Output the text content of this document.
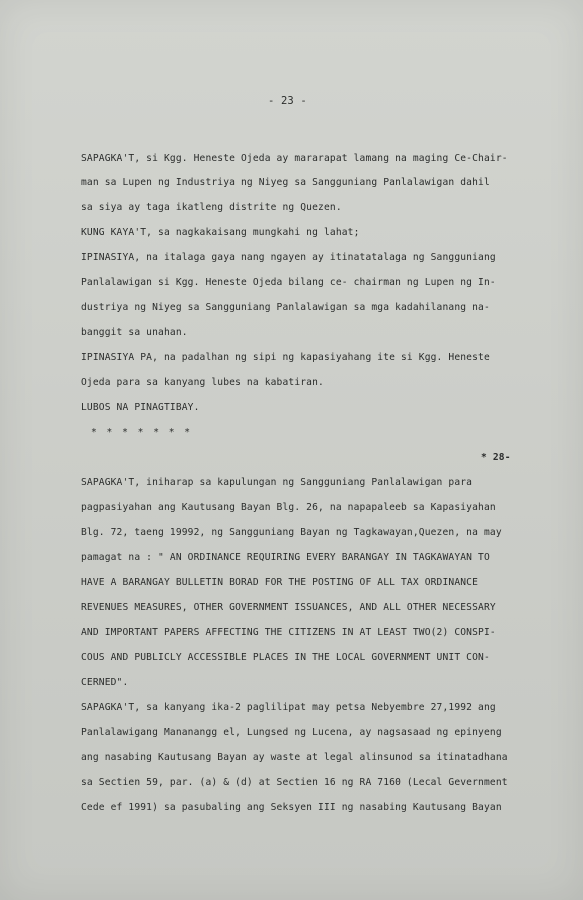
- 23 -
SAPAGKA'T, si Kgg. Heneste Ojeda ay mararapat lamang na maging Ce-Chair-
man sa Lupen ng Industriya ng Niyeg sa Sangguniang Panlalawigan dahil
sa siya ay taga ikatleng distrite ng Quezen.
KUNG KAYA'T, sa nagkakaisang mungkahi ng lahat;
IPINASIYA, na italaga gaya nang ngayen ay itinatatalaga ng Sangguniang
Panlalawigan si Kgg. Heneste Ojeda bilang ce- chairman ng Lupen ng In-
dustriya ng Niyeg sa Sangguniang Panlalawigan sa mga kadahilanang na-
banggit sa unahan.
IPINASIYA PA, na padalhan ng sipi ng kapasiyahang ite si Kgg. Heneste
Ojeda para sa kanyang lubes na kabatiran.
LUBOS NA PINAGTIBAY.
* * * * * * *
* 28-
SAPAGKA'T, iniharap sa kapulungan ng Sangguniang Panlalawigan para
pagpasiyahan ang Kautusang Bayan Blg. 26, na napapaleeb sa Kapasiyahan
Blg. 72, taeng 19992, ng Sangguniang Bayan ng Tagkawayan,Quezen, na may
pamagat na : " AN ORDINANCE REQUIRING EVERY BARANGAY IN TAGKAWAYAN TO
HAVE A BARANGAY BULLETIN BORAD FOR THE POSTING OF ALL TAX ORDINANCE
REVENUES MEASURES, OTHER GOVERNMENT ISSUANCES, AND ALL OTHER NECESSARY
AND IMPORTANT PAPERS AFFECTING THE CITIZENS IN AT LEAST TWO(2) CONSPI-
COUS AND PUBLICLY ACCESSIBLE PLACES IN THE LOCAL GOVERNMENT UNIT CON-
CERNED".
SAPAGKA'T, sa kanyang ika-2 paglilipat may petsa Nebyembre 27,1992 ang
Panlalawigang Mananangg el, Lungsed ng Lucena, ay nagsasaad ng epinyeng
ang nasabing Kautusang Bayan ay waste at legal alinsunod sa itinatadhana
sa Sectien 59, par. (a) & (d) at Sectien 16 ng RA 7160 (Lecal Gevernment
Cede ef 1991) sa pasubaling ang Seksyen III ng nasabing Kautusang Bayan
